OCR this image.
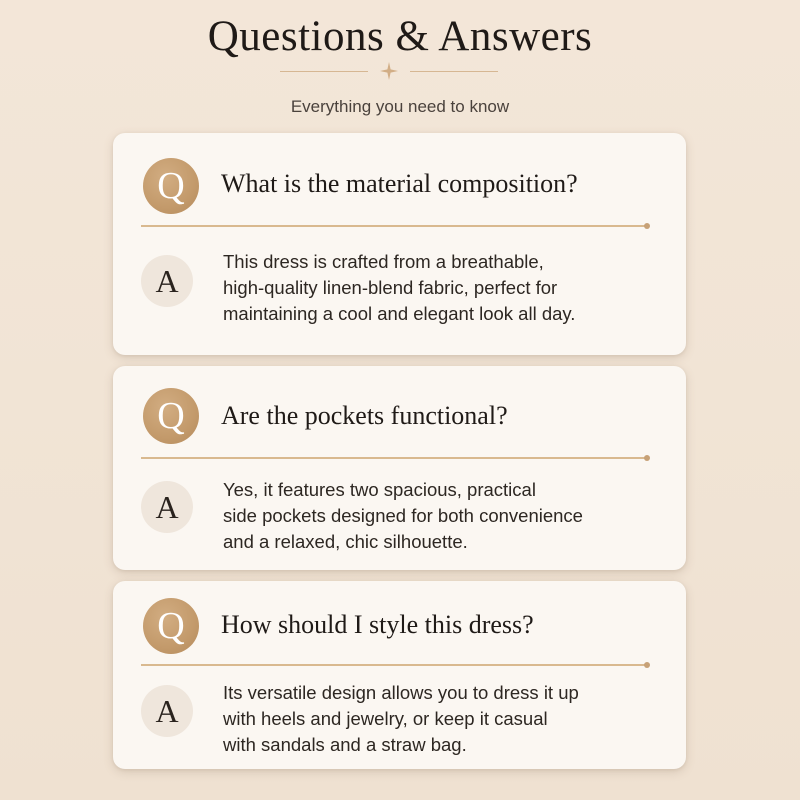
Questions & Answers
Everything you need to know
Q	What is the material composition?
A
This dress is crafted from a breathable,
high-quality linen-blend fabric, perfect for
maintaining a cool and elegant look all day.
Q	Are the pockets functional?
A	Yes, it features two spacious, practical
side pockets designed for both convenience
and a relaxed, chic silhouette.
Q	How should I style this dress?
A
Its versatile design allows you to dress it up
with heels and jewelry, or keep it casual
with sandals and a straw bag.
